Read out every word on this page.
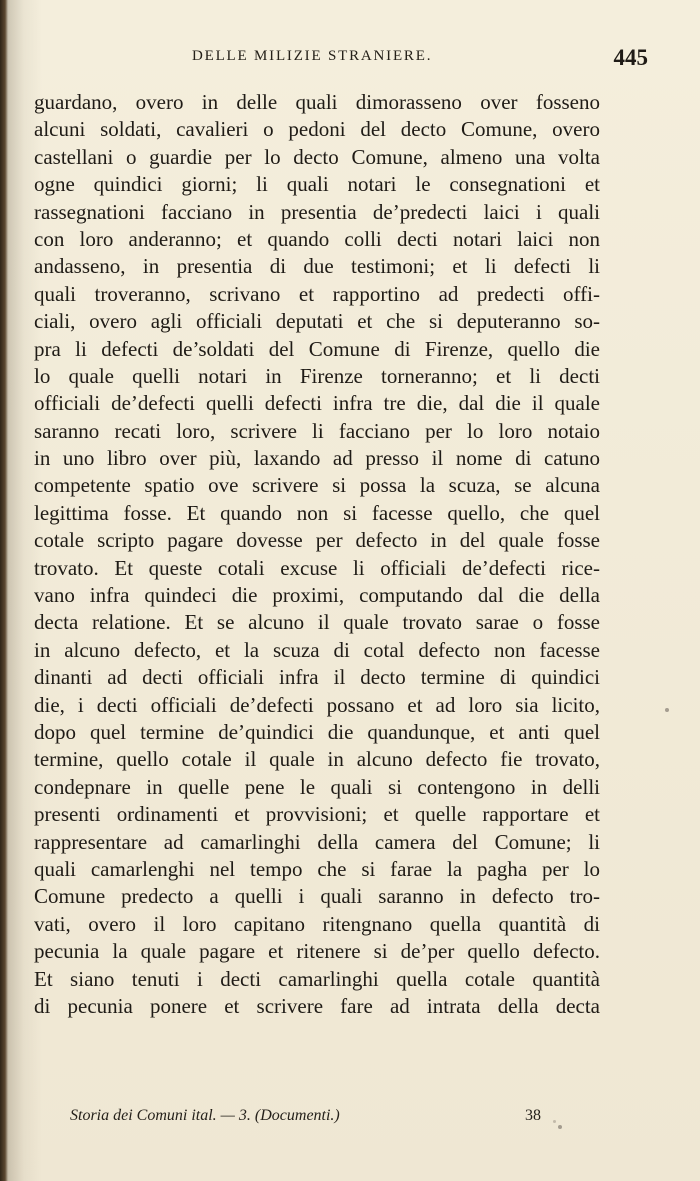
DELLE MILIZIE STRANIERE.	445
guardano, overo in delle quali dimorasseno over fosseno
alcuni soldati, cavalieri o pedoni del decto Comune, overo
castellani o guardie per lo decto Comune, almeno una volta
ogne quindici giorni; li quali notari le consegnationi et
rassegnationi facciano in presentia de’predecti laici i quali
con loro anderanno; et quando colli decti notari laici non
andasseno, in presentia di due testimoni; et li defecti li
quali troveranno, scrivano et rapportino ad predecti offi-
ciali, overo agli officiali deputati et che si deputeranno so-
pra li defecti de’soldati del Comune di Firenze, quello die
lo quale quelli notari in Firenze torneranno; et li decti
officiali de’defecti quelli defecti infra tre die, dal die il quale
saranno recati loro, scrivere li facciano per lo loro notaio
in uno libro over più, laxando ad presso il nome di catuno
competente spatio ove scrivere si possa la scuza, se alcuna
legittima fosse. Et quando non si facesse quello, che quel
cotale scripto pagare dovesse per defecto in del quale fosse
trovato. Et queste cotali excuse li officiali de’defecti rice-
vano infra quindeci die proximi, computando dal die della
decta relatione. Et se alcuno il quale trovato sarae o fosse
in alcuno defecto, et la scuza di cotal defecto non facesse
dinanti ad decti officiali infra il decto termine di quindici
die, i decti officiali de’defecti possano et ad loro sia licito,
dopo quel termine de’quindici die quandunque, et anti quel
termine, quello cotale il quale in alcuno defecto fie trovato,
condepnare in quelle pene le quali si contengono in delli
presenti ordinamenti et provvisioni; et quelle rapportare et
rappresentare ad camarlinghi della camera del Comune; li
quali camarlenghi nel tempo che si farae la pagha per lo
Comune predecto a quelli i quali saranno in defecto tro-
vati, overo il loro capitano ritengnano quella quantità di
pecunia la quale pagare et ritenere si de’per quello defecto.
Et siano tenuti i decti camarlinghi quella cotale quantità
di pecunia ponere et scrivere fare ad intrata della decta
Storia dei Comuni ital. — 3. (Documenti.)	38
